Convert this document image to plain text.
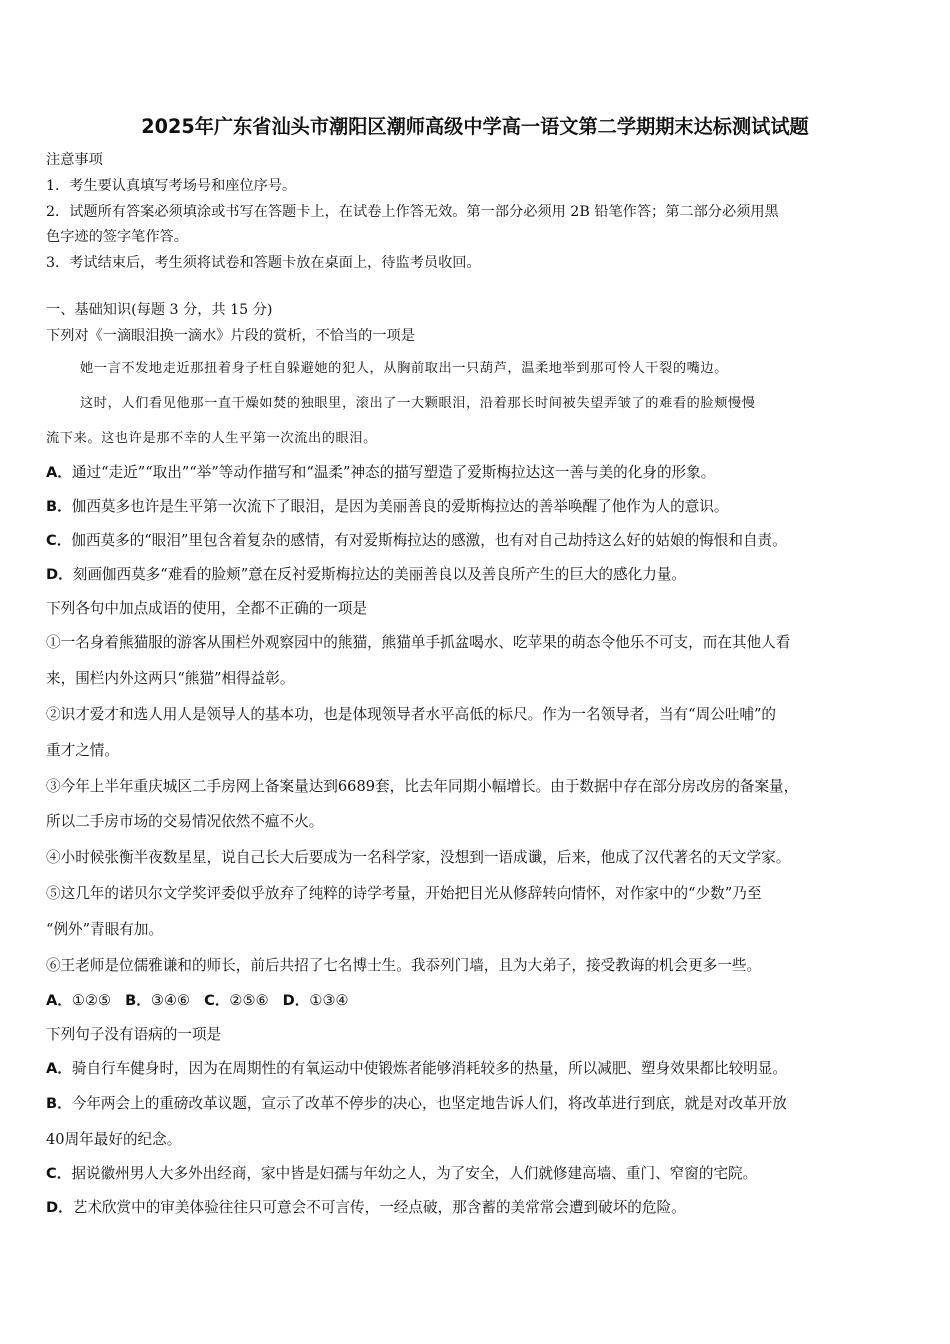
2025年广东省汕头市潮阳区潮师高级中学高一语文第二学期期末达标测试试题
注意事项
1．考生要认真填写考场号和座位序号。
2．试题所有答案必须填涂或书写在答题卡上，在试卷上作答无效。第一部分必须用 2B 铅笔作答；第二部分必须用黑
色字迹的签字笔作答。
3．考试结束后，考生须将试卷和答题卡放在桌面上，待监考员收回。
一、基础知识(每题 3 分，共 15 分)
下列对《一滴眼泪换一滴水》片段的赏析，不恰当的一项是
她一言不发地走近那扭着身子枉自躲避她的犯人，从胸前取出一只葫芦，温柔地举到那可怜人干裂的嘴边。
这时，人们看见他那一直干燥如焚的独眼里，滚出了一大颗眼泪，沿着那长时间被失望弄皱了的难看的脸颊慢慢
流下来。这也许是那不幸的人生平第一次流出的眼泪。
A．通过“走近”“取出”“举”等动作描写和“温柔”神态的描写塑造了爱斯梅拉达这一善与美的化身的形象。
B．伽西莫多也许是生平第一次流下了眼泪，是因为美丽善良的爱斯梅拉达的善举唤醒了他作为人的意识。
C．伽西莫多的“眼泪”里包含着复杂的感情，有对爱斯梅拉达的感激，也有对自己劫持这么好的姑娘的悔恨和自责。
D．刻画伽西莫多“难看的脸颊”意在反衬爱斯梅拉达的美丽善良以及善良所产生的巨大的感化力量。
下列各句中加点成语的使用，全都不正确的一项是
①一名身着熊猫服的游客从围栏外观察园中的熊猫，熊猫单手抓盆喝水、吃苹果的萌态令他乐不可支，而在其他人看
来，围栏内外这两只“熊猫”相得益彰。
②识才爱才和选人用人是领导人的基本功，也是体现领导者水平高低的标尺。作为一名领导者，当有“周公吐哺”的
重才之情。
③今年上半年重庆城区二手房网上备案量达到6689套，比去年同期小幅增长。由于数据中存在部分房改房的备案量，
所以二手房市场的交易情况依然不瘟不火。
④小时候张衡半夜数星星，说自己长大后要成为一名科学家，没想到一语成谶，后来，他成了汉代著名的天文学家。
⑤这几年的诺贝尔文学奖评委似乎放弃了纯粹的诗学考量，开始把目光从修辞转向情怀，对作家中的“少数”乃至
“例外”青眼有加。
⑥王老师是位儒雅谦和的师长，前后共招了七名博士生。我忝列门墙，且为大弟子，接受教诲的机会更多一些。
A．①②⑤ B．③④⑥ C．②⑤⑥ D．①③④
下列句子没有语病的一项是
A．骑自行车健身时，因为在周期性的有氧运动中使锻炼者能够消耗较多的热量，所以减肥、塑身效果都比较明显。
B．今年两会上的重磅改革议题，宣示了改革不停步的决心，也坚定地告诉人们，将改革进行到底，就是对改革开放
40周年最好的纪念。
C．据说徽州男人大多外出经商，家中皆是妇孺与年幼之人，为了安全，人们就修建高墙、重门、窄窗的宅院。
D．艺术欣赏中的审美体验往往只可意会不可言传，一经点破，那含蓄的美常常会遭到破坏的危险。
